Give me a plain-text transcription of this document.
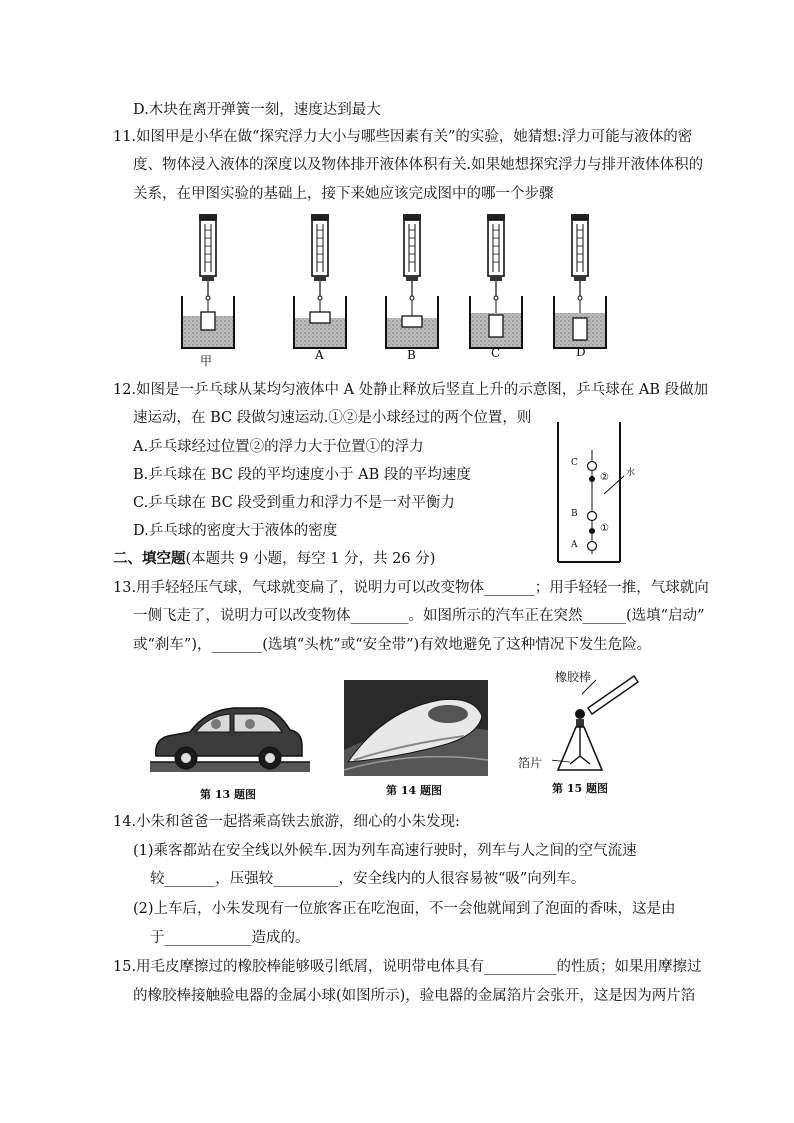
D.木块在离开弹簧一刻，速度达到最大
11.如图甲是小华在做“探究浮力大小与哪些因素有关”的实验，她猜想:浮力可能与液体的密
度、物体浸入液体的深度以及物体排开液体体积有关.如果她想探究浮力与排开液体体积的
关系，在甲图实验的基础上，接下来她应该完成图中的哪一个步骤
甲	A	B	C	D
12.如图是一乒乓球从某均匀液体中 A 处静止释放后竖直上升的示意图，乒乓球在 AB 段做加
速运动，在 BC 段做匀速运动.①②是小球经过的两个位置，则
A.乒乓球经过位置②的浮力大于位置①的浮力
B.乒乓球在 BC 段的平均速度小于 AB 段的平均速度
C.乒乓球在 BC 段受到重力和浮力不是一对平衡力
D.乒乓球的密度大于液体的密度
C
B
A
②
①
水
二、填空题(本题共 9 小题，每空 1 分，共 26 分)
13.用手轻轻压气球，气球就变扁了，说明力可以改变物体_______；用手轻轻一推，气球就向
一侧飞走了，说明力可以改变物体________。如图所示的汽车正在突然______(选填“启动”
或“刹车”)，_______(选填“头枕”或“安全带”)有效地避免了这种情况下发生危险。
第 13 题图	第 14 题图
橡胶棒
箔片
第 15 题图
14.小朱和爸爸一起搭乘高铁去旅游，细心的小朱发现:
(1)乘客都站在安全线以外候车.因为列车高速行驶时，列车与人之间的空气流速
较_______，压强较_________，安全线内的人很容易被“吸”向列车。
(2)上车后，小朱发现有一位旅客正在吃泡面，不一会他就闻到了泡面的香味，这是由
于____________造成的。
15.用毛皮摩擦过的橡胶棒能够吸引纸屑，说明带电体具有__________的性质；如果用摩擦过
的橡胶棒接触验电器的金属小球(如图所示)，验电器的金属箔片会张开，这是因为两片箔
